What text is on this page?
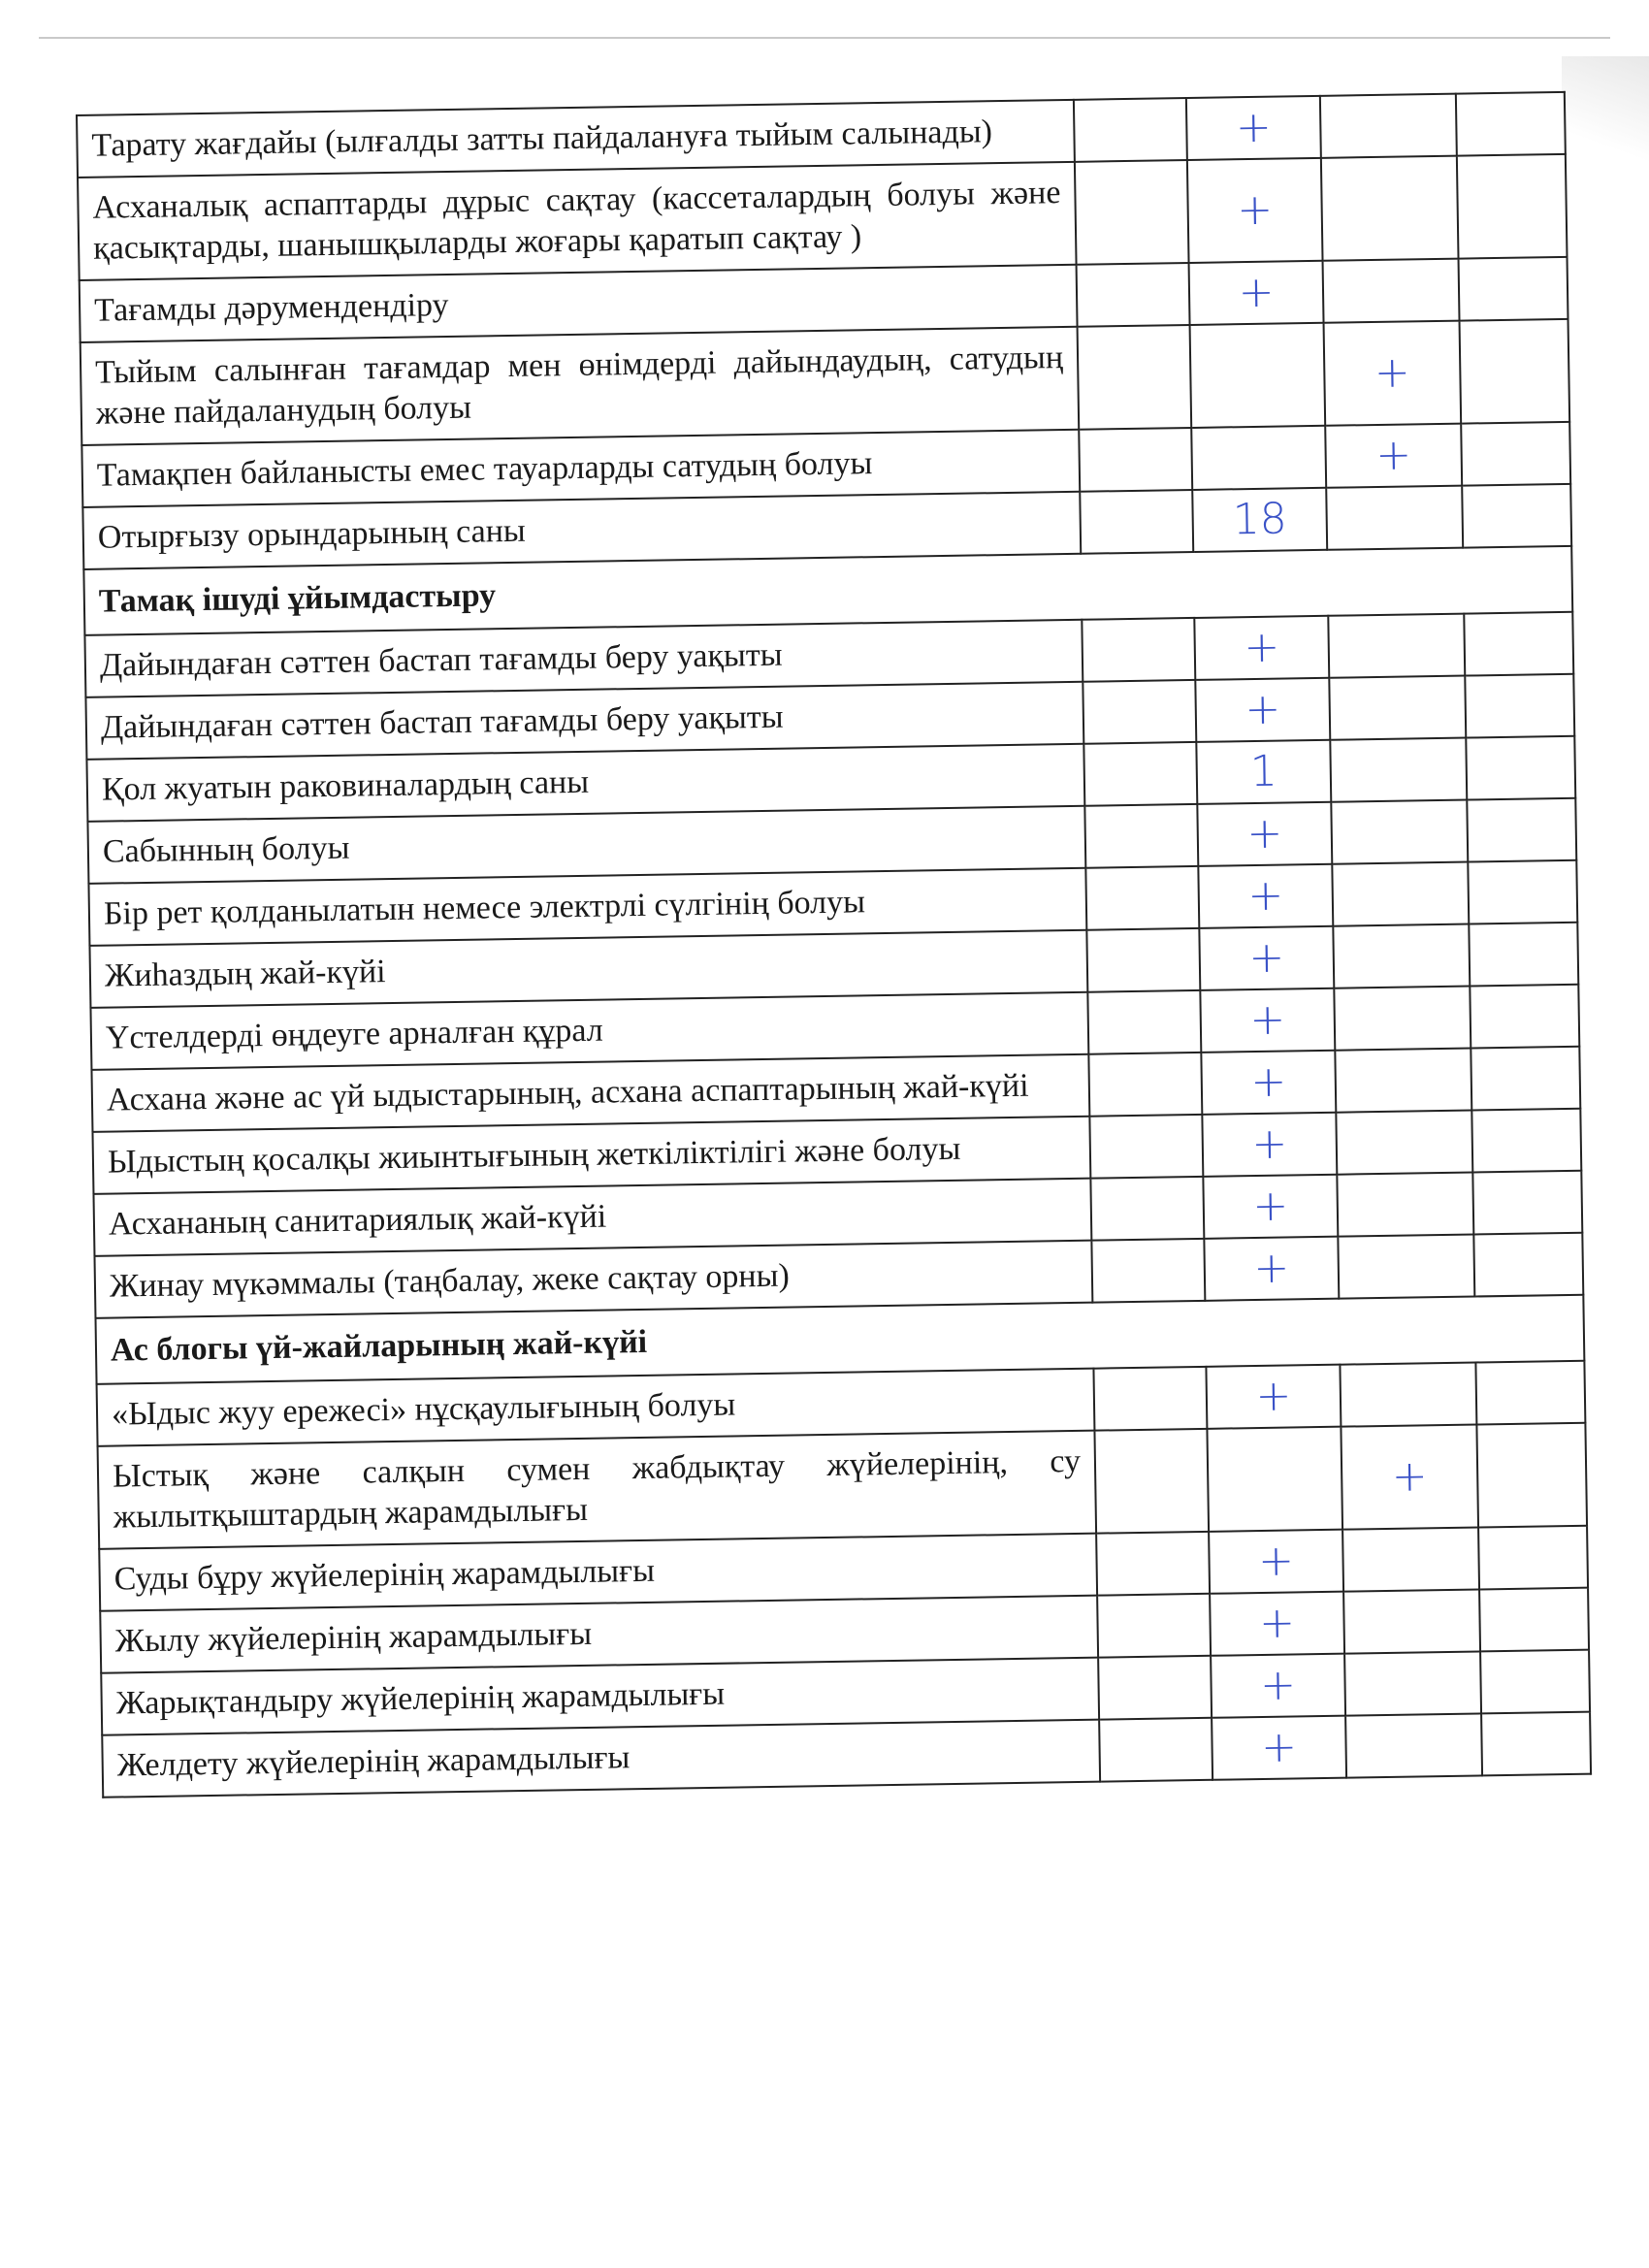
Тарату жағдайы (ылғалды затты пайдалануға тыйым салынады)		+		
Асханалық аспаптарды дұрыс сақтау (кассеталардың болуы және қасықтарды, шанышқыларды жоғары қаратып сақтау )		+		
Тағамды дәрумендендіру		+		
Тыйым салынған тағамдар мен өнімдерді дайындаудың, сатудың және пайдаланудың болуы			+	
Тамақпен байланысты емес тауарларды сатудың болуы			+	
Отырғызу орындарының саны		18		
Тамақ ішуді ұйымдастыру				
Дайындаған сәттен бастап тағамды беру уақыты		+		
Дайындаған сәттен бастап тағамды беру уақыты		+		
Қол жуатын раковиналардың саны		1		
Сабынның болуы		+		
Бір рет қолданылатын немесе электрлі сүлгінің болуы		+		
Жиһаздың жай-күйі		+		
Үстелдерді өңдеуге арналған құрал		+		
Асхана және ас үй ыдыстарының, асхана аспаптарының жай-күйі		+		
Ыдыстың қосалқы жиынтығының жеткіліктілігі және болуы		+		
Асхананың санитариялық жай-күйі		+		
Жинау мүкәммалы (таңбалау, жеке сақтау орны)		+		
Ас блогы үй-жайларының жай-күйі				
«Ыдыс жуу ережесі» нұсқаулығының болуы		+		
Ыстық және салқын сумен жабдықтау жүйелерінің, су жылытқыштардың жарамдылығы			+	
Суды бұру жүйелерінің жарамдылығы		+		
Жылу жүйелерінің жарамдылығы		+		
Жарықтандыру жүйелерінің жарамдылығы		+		
Желдету жүйелерінің жарамдылығы		+		
